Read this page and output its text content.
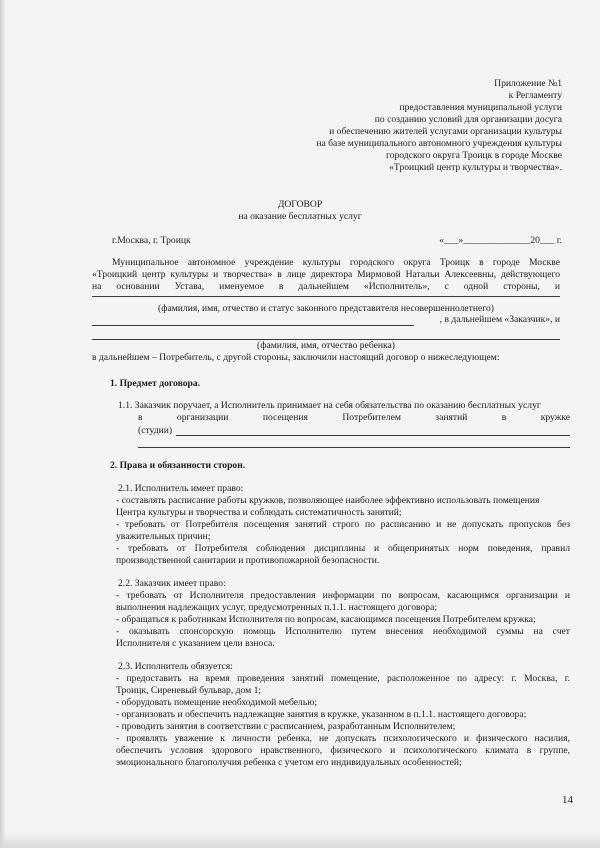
Приложение №1
к Регламенту
предоставления муниципальной услуги
по созданию условий для организации досуга
и обеспечению жителей услугами организации культуры
на базе муниципального автономного учреждения культуры
городского округа Троицк в городе Москве
«Троицкий центр культуры и творчества».
ДОГОВОР
на оказание бесплатных услуг
г.Москва, г. Троицк	«___»______________20___ г.
Муниципальное автономное учреждение культуры городского округа Троицк в городе Москве
«Троицкий центр культуры и творчества» в лице директора Мирмовой Натальи Алексеевны, действующего
на основании Устава, именуемое в дальнейшем «Исполнитель», с одной стороны, и
(фамилия, имя, отчество и статус законного представителя несовершеннолетнего)
, в дальнейшем «Заказчик», и
(фамилия, имя, отчество ребенка)
в дальнейшем – Потребитель, с другой стороны, заключили настоящий договор о нижеследующем:
1. Предмет договора.
1.1. Заказчик поручает, а Исполнитель принимает на себя обязательства по оказанию бесплатных услуг
в организации посещения Потребителем занятий в кружке
(студии)
2. Права и обязанности сторон.
2.1. Исполнитель имеет право:
- составлять расписание работы кружков, позволяющее наиболее эффективно использовать помещения
Центра культуры и творчества и соблюдать систематичность занятий;
- требовать от Потребителя посещения занятий строго по расписанию и не допускать пропусков без
уважительных причин;
- требовать от Потребителя соблюдения дисциплины и общепринятых норм поведения, правил
производственной санитарии и противопожарной безопасности.
2.2. Заказчик имеет право:
- требовать от Исполнителя предоставления информации по вопросам, касающимся организации и
выполнения надлежащих услуг, предусмотренных п.1.1. настоящего договора;
- обращаться к работникам Исполнителя по вопросам, касающимся посещения Потребителем кружка;
- оказывать спонсорскую помощь Исполнителю путем внесения необходимой суммы на счет
Исполнителя с указанием цели взноса.
2.3. Исполнитель обязуется:
- предоставить на время проведения занятий помещение, расположенное по адресу: г. Москва, г.
Троицк, Сиреневый бульвар, дом 1;
- оборудовать помещение необходимой мебелью;
- организовать и обеспечить надлежащие занятия в кружке, указанном в п.1.1. настоящего договора;
- проводить занятия в соответствии с расписанием, разработанным Исполнителем;
- проявлять уважение к личности ребенка, не допускать психологического и физического насилия,
обеспечить условия здорового нравственного, физического и психологического климата в группе,
эмоционального благополучия ребенка с учетом его индивидуальных особенностей;
14
